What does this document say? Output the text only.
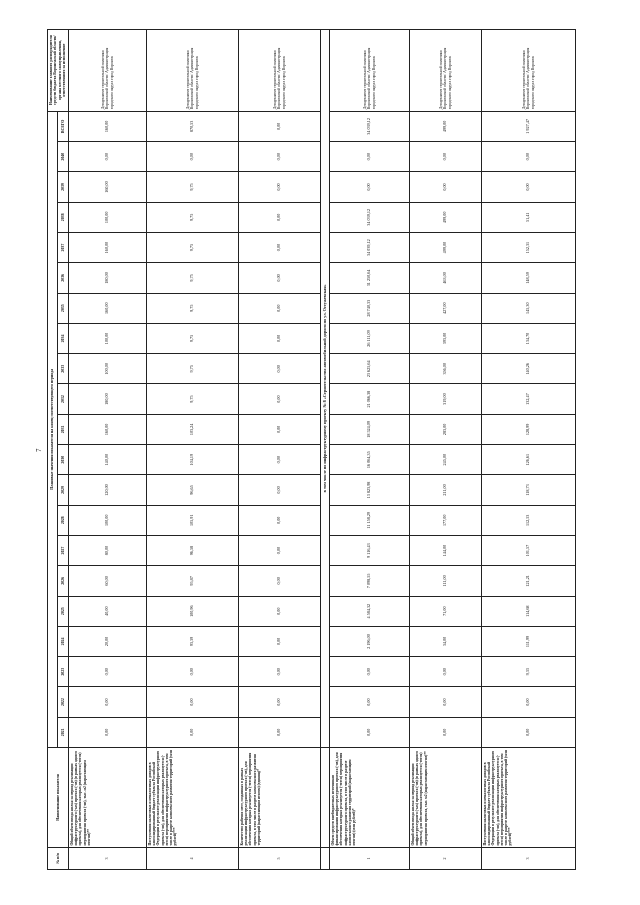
7
№ п/п	Наименование показателя	Плановые значения показателя на конец соответствующего периода																					Наименование главного распорядителя средств бюджета Воронежской области/органа местного самоуправления, ответственного за исполнение
		2021	2022	2023	2024	2025	2026	2027	2028	2029	2030	2031	2032	2033	2034	2035	2036	2037	2038	2039	2040	ВСЕГО	
3	Общий объем ввода жилья за период реализации инфраструктурного (-ых) проекта (-ов) (в рамках одного проекта), для обеспечения которых реализуется (-ются) мероприятия проекта (-ов), тыс. м2 (нарастающим итогом)**	0,00	0,00	0,00	20,00	40,00	60,00	80,00	100,00	120,00	140,00	160,00	180,00	100,00	100,00	160,00	180,00	160,00	100,00	160,00	0,00	160,00	Департамент строительной политики Воронежской области/ Администрация городского округа город Воронеж
4	Поступления налоговых и неналоговых доходов в консолидированный бюджет субъекта Российской Федерации в результате реализации инфраструктурного проекта (-ов), для обеспечения которых реализуется (-ются) мероприятия инфраструктурного проекта, в том числе в разрезе комплексного развития территорий (млн рублей)***	0,00	0,00	0,00	93,39	100,96	95,87	96,58	105,91	96,65	104,19	103,24	9,75	9,75	9,75	9,75	9,75	9,75	9,75	9,75	0,00	870,53	Департамент строительной политики Воронежской области/ Администрация городского округа город Воронеж
5	Количество рабочих мест, созданных в рамках реализации инфраструктурного проекта (-ов), для обеспечения которых реализуется (-ются) мероприятия проекта, в том числе в разрезе комплексного развития территорий (нарастающим итогом) (единиц)*	0,00	0,00	0,00	0,00	0,00	0,00	0,00	0,00	0,00	0,00	0,00	0,00	0,00	0,00	0,00	0,00	0,00	0,00	0,00	0,00	0,00	Департамент строительной политики Воронежской области/ Администрация городского округа город Воронеж
		в том числе по инфраструктурному проекту № 8 «Строительство автомобильной дороги по ул. Остужевская»																					
1	Объем средств внебюджетных источников финансирования инфраструктурного проекта (-ов), для обеспечения которых реализуется (-ются) мероприятия инфраструктурного проекта, в том числе в разрезе комплексного развития территорий (нарастающим итогом) (млн рублей)*	0,00	0,00	0,00	2 196,00	4 584,32	7 098,55	9 116,43	11 158,29	13 823,98	16 064,35	18 524,09	21 066,38	23 625,64	26 111,09	28 740,33	31 250,64	34 039,12	34 039,12	0,00	0,00	34 039,12	Департамент строительной политики Воронежской области/ Администрация городского округа город Воронеж
2	Общий объем ввода жилья за период реализации инфраструктурного (-ых) проекта (-ов) (в рамках одного проекта), для обеспечения которых реализуется (-ются) мероприятия проекта, тыс. м2 (нарастающим итогом)**	0,00	0,00	0,00	34,00	71,00	111,00	144,00	177,00	211,00	245,00	283,00	319,00	356,00	393,00	427,00	463,00	499,00	499,00	0,00	0,00	499,00	Департамент строительной политики Воронежской области/ Администрация городского округа город Воронеж
3	Поступления налоговых и неналоговых доходов в консолидированный бюджет субъекта Российской Федерации в результате реализации инфраструктурного проекта (-ов), для обеспечения которых реализуется (-ются) мероприятия инфраструктурного проекта, в том числе в разрезе комплексного развития территорий (млн рублей)***	0,00	0,00	9,33	111,99	114,68	121,21	101,57	112,53	118,73	126,61	128,99	132,47	140,26	134,70	145,30	148,59	152,31	51,41	0,00	0,00	1 927,47	Департамент строительной политики Воронежской области/ Администрация городского округа город Воронеж
